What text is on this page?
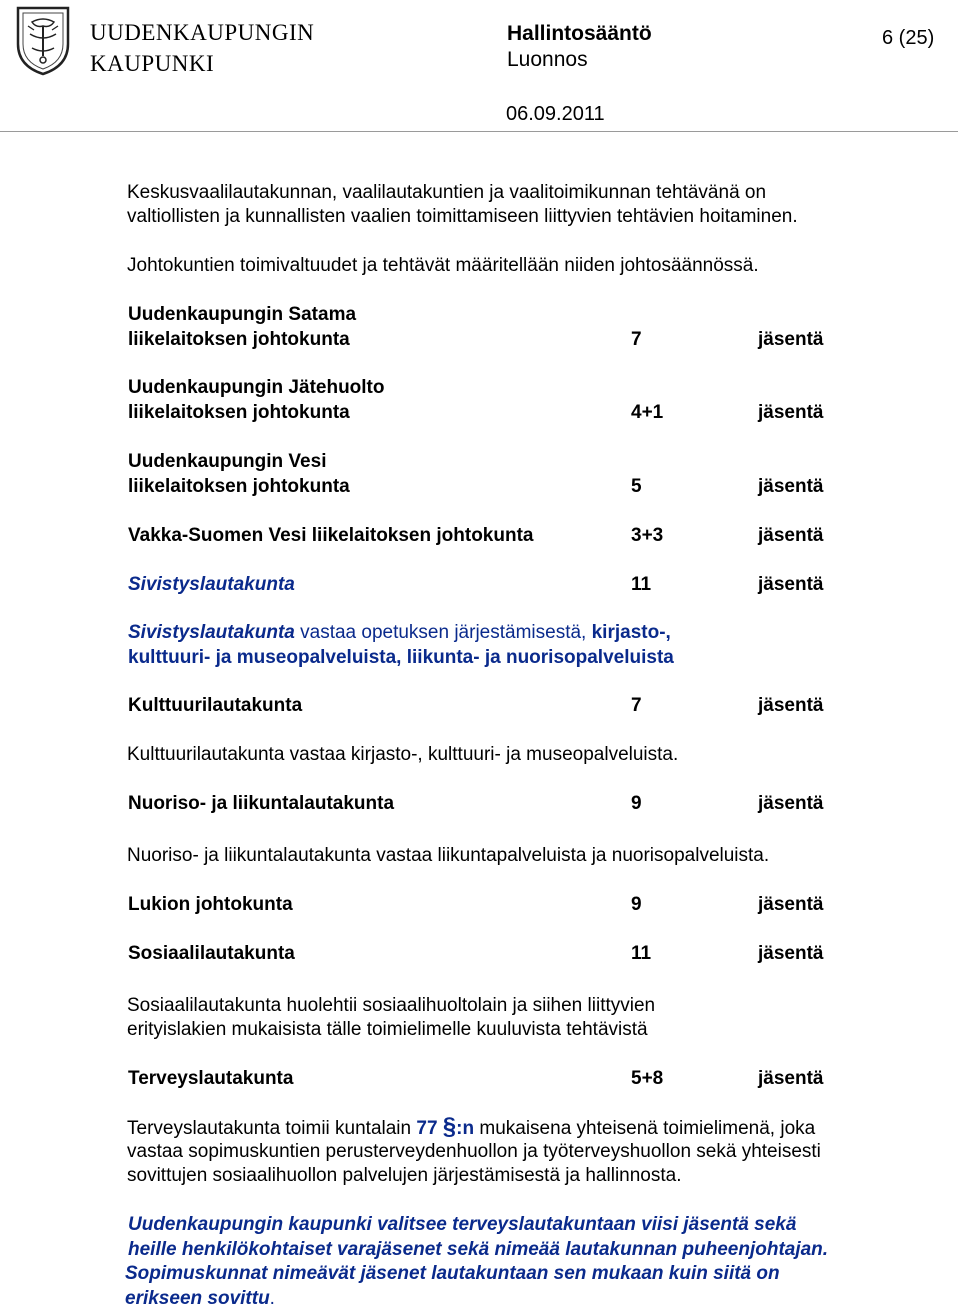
UUDENKAUPUNGIN
KAUPUNKI
Hallintosääntö
Luonnos
6 (25)
06.09.2011
Keskusvaalilautakunnan, vaalilautakuntien ja vaalitoimikunnan tehtävänä on
valtiollisten ja kunnallisten vaalien toimittamiseen liittyvien tehtävien hoitaminen.
Johtokuntien toimivaltuudet ja tehtävät määritellään niiden johtosäännössä.
Uudenkaupungin Satama
liikelaitoksen johtokunta	7	jäsentä
Uudenkaupungin Jätehuolto
liikelaitoksen johtokunta	4+1	jäsentä
Uudenkaupungin Vesi
liikelaitoksen johtokunta	5	jäsentä
Vakka-Suomen Vesi liikelaitoksen johtokunta	3+3	jäsentä
Sivistyslautakunta	11	jäsentä
Sivistyslautakunta vastaa opetuksen järjestämisestä, kirjasto-,
kulttuuri- ja museopalveluista, liikunta- ja nuorisopalveluista
Kulttuurilautakunta	7	jäsentä
Kulttuurilautakunta vastaa kirjasto-, kulttuuri- ja museopalveluista.
Nuoriso- ja liikuntalautakunta	9	jäsentä
Nuoriso- ja liikuntalautakunta vastaa liikuntapalveluista ja nuorisopalveluista.
Lukion johtokunta	9	jäsentä
Sosiaalilautakunta	11	jäsentä
Sosiaalilautakunta huolehtii sosiaalihuoltolain ja siihen liittyvien
erityislakien mukaisista tälle toimielimelle kuuluvista tehtävistä
Terveyslautakunta	5+8	jäsentä
Terveyslautakunta toimii kuntalain 77 §:n mukaisena yhteisenä toimielimenä, joka
vastaa sopimuskuntien perusterveydenhuollon ja työterveyshuollon sekä yhteisesti
sovittujen sosiaalihuollon palvelujen järjestämisestä ja hallinnosta.
Uudenkaupungin kaupunki valitsee terveyslautakuntaan viisi jäsentä sekä
heille henkilökohtaiset varajäsenet sekä nimeää lautakunnan puheenjohtajan.
Sopimuskunnat nimeävät jäsenet lautakuntaan sen mukaan kuin siitä on
erikseen sovittu.
